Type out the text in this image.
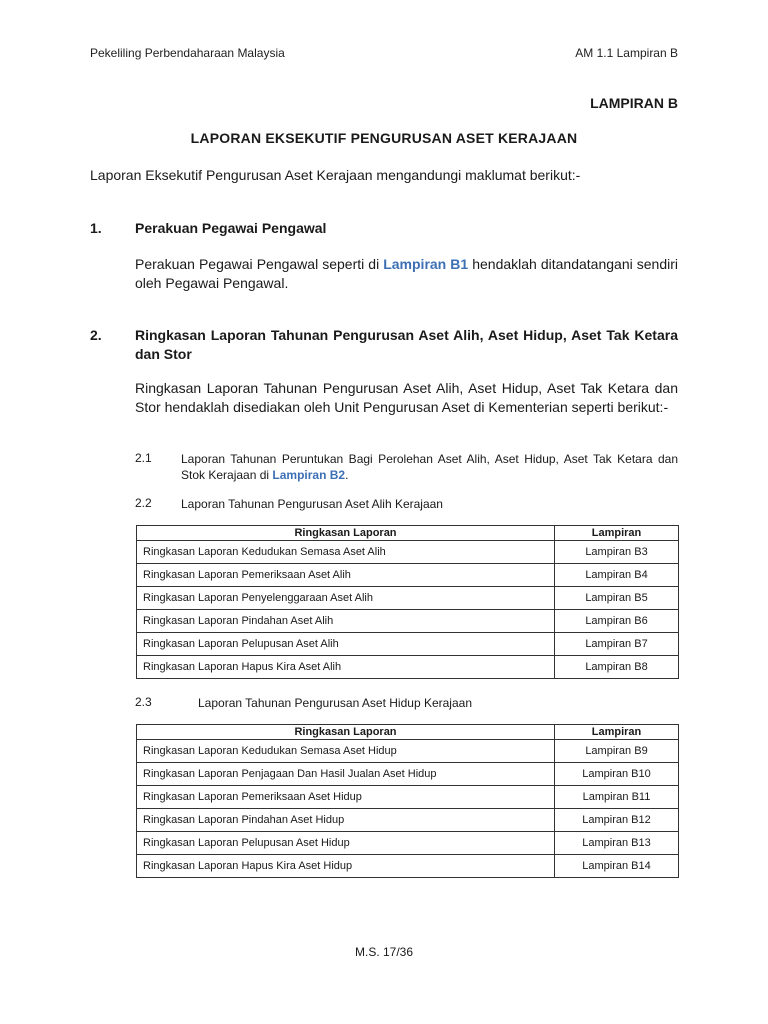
Pekeliling Perbendaharaan Malaysia	AM 1.1 Lampiran B
LAMPIRAN B
LAPORAN EKSEKUTIF PENGURUSAN ASET KERAJAAN
Laporan Eksekutif Pengurusan Aset Kerajaan mengandungi maklumat berikut:-
1. Perakuan Pegawai Pengawal
Perakuan Pegawai Pengawal seperti di Lampiran B1 hendaklah ditandatangani sendiri oleh Pegawai Pengawal.
2. Ringkasan Laporan Tahunan Pengurusan Aset Alih, Aset Hidup, Aset Tak Ketara dan Stor
Ringkasan Laporan Tahunan Pengurusan Aset Alih, Aset Hidup, Aset Tak Ketara dan Stor hendaklah disediakan oleh Unit Pengurusan Aset di Kementerian seperti berikut:-
2.1 Laporan Tahunan Peruntukan Bagi Perolehan Aset Alih, Aset Hidup, Aset Tak Ketara dan Stok Kerajaan di Lampiran B2.
2.2 Laporan Tahunan Pengurusan Aset Alih Kerajaan
Ringkasan Laporan	Lampiran
Ringkasan Laporan Kedudukan Semasa Aset Alih	Lampiran B3
Ringkasan Laporan Pemeriksaan Aset Alih	Lampiran B4
Ringkasan Laporan Penyelenggaraan Aset Alih	Lampiran B5
Ringkasan Laporan Pindahan Aset Alih	Lampiran B6
Ringkasan Laporan Pelupusan Aset Alih	Lampiran B7
Ringkasan Laporan Hapus Kira Aset Alih	Lampiran B8
2.3	Laporan Tahunan Pengurusan Aset Hidup Kerajaan
Ringkasan Laporan	Lampiran
Ringkasan Laporan Kedudukan Semasa Aset Hidup	Lampiran B9
Ringkasan Laporan Penjagaan Dan Hasil Jualan Aset Hidup	Lampiran B10
Ringkasan Laporan Pemeriksaan Aset Hidup	Lampiran B11
Ringkasan Laporan Pindahan Aset Hidup	Lampiran B12
Ringkasan Laporan Pelupusan Aset Hidup	Lampiran B13
Ringkasan Laporan Hapus Kira Aset Hidup	Lampiran B14
M.S. 17/36
